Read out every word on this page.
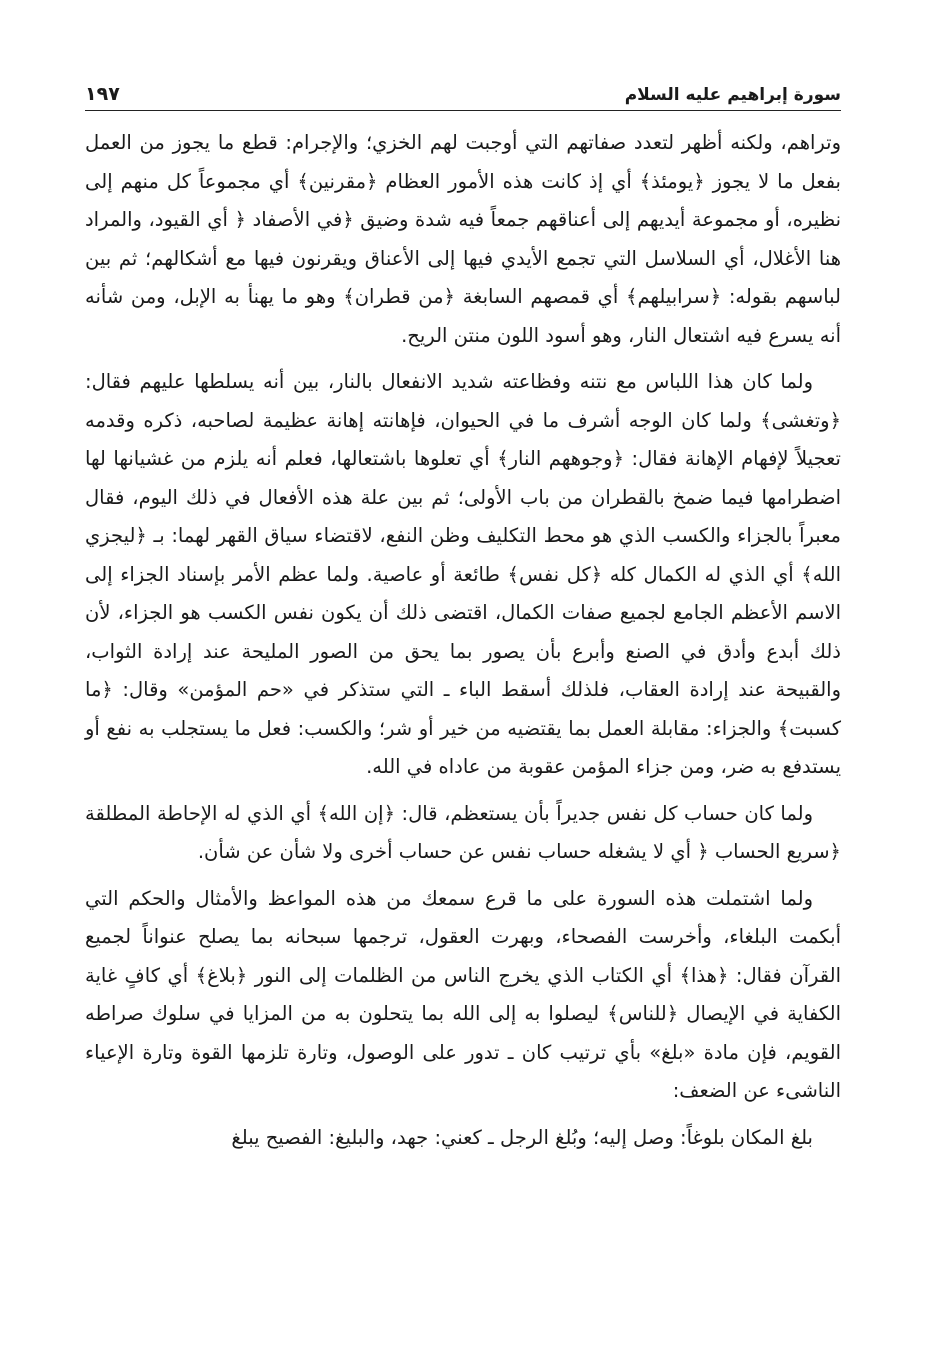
سورة إبراهيم عليه السلام
١٩٧

وتراهم، ولكنه أظهر لتعدد صفاتهم التي أوجبت لهم الخزي؛ والإجرام: قطع ما يجوز من العمل بفعل ما لا يجوز ﴿يومئذ﴾ أي إذ كانت هذه الأمور العظام ﴿مقرنين﴾ أي مجموعاً كل منهم إلى نظيره، أو مجموعة أيديهم إلى أعناقهم جمعاً فيه شدة وضيق ﴿في الأصفاد ﴿ أي القيود، والمراد هنا الأغلال، أي السلاسل التي تجمع الأيدي فيها إلى الأعناق ويقرنون فيها مع أشكالهم؛ ثم بين لباسهم بقوله: ﴿سرابيلهم﴾ أي قمصهم السابغة ﴿من قطران﴾ وهو ما يهنأ به الإبل، ومن شأنه أنه يسرع فيه اشتعال النار، وهو أسود اللون منتن الريح.

ولما كان هذا اللباس مع نتنه وفظاعته شديد الانفعال بالنار، بين أنه يسلطها عليهم فقال: ﴿وتغشى﴾ ولما كان الوجه أشرف ما في الحيوان، فإهانته إهانة عظيمة لصاحبه، ذكره وقدمه تعجيلاً لإفهام الإهانة فقال: ﴿وجوههم النار﴾ أي تعلوها باشتعالها، فعلم أنه يلزم من غشيانها لها اضطرامها فيما ضمخ بالقطران من باب الأولى؛ ثم بين علة هذه الأفعال في ذلك اليوم، فقال معبراً بالجزاء والكسب الذي هو محط التكليف وظن النفع، لاقتضاء سياق القهر لهما: بـ ﴿ليجزي الله﴾ أي الذي له الكمال كله ﴿كل نفس﴾ طائعة أو عاصية. ولما عظم الأمر بإسناد الجزاء إلى الاسم الأعظم الجامع لجميع صفات الكمال، اقتضى ذلك أن يكون نفس الكسب هو الجزاء، لأن ذلك أبدع وأدق في الصنع وأبرع بأن يصور بما يحق من الصور المليحة عند إرادة الثواب، والقبيحة عند إرادة العقاب، فلذلك أسقط الباء ـ التي ستذكر في «حم المؤمن» وقال: ﴿ما كسبت﴾ والجزاء: مقابلة العمل بما يقتضيه من خير أو شر؛ والكسب: فعل ما يستجلب به نفع أو يستدفع به ضر، ومن جزاء المؤمن عقوبة من عاداه في الله.

ولما كان حساب كل نفس جديراً بأن يستعظم، قال: ﴿إن الله﴾ أي الذي له الإحاطة المطلقة ﴿سريع الحساب ﴿ أي لا يشغله حساب نفس عن حساب أخرى ولا شأن عن شأن.

ولما اشتملت هذه السورة على ما قرع سمعك من هذه المواعظ والأمثال والحكم التي أبكمت البلغاء، وأخرست الفصحاء، وبهرت العقول، ترجمها سبحانه بما يصلح عنواناً لجميع القرآن فقال: ﴿هذا﴾ أي الكتاب الذي يخرج الناس من الظلمات إلى النور ﴿بلاغ﴾ أي كافٍ غاية الكفاية في الإيصال ﴿للناس﴾ ليصلوا به إلى الله بما يتحلون به من المزايا في سلوك صراطه القويم، فإن مادة «بلغ» بأي ترتيب كان ـ تدور على الوصول، وتارة تلزمها القوة وتارة الإعياء الناشىء عن الضعف:

بلغ المكان بلوغاً: وصل إليه؛ وبُلغ الرجل ـ كعني: جهد، والبليغ: الفصيح يبلغ
